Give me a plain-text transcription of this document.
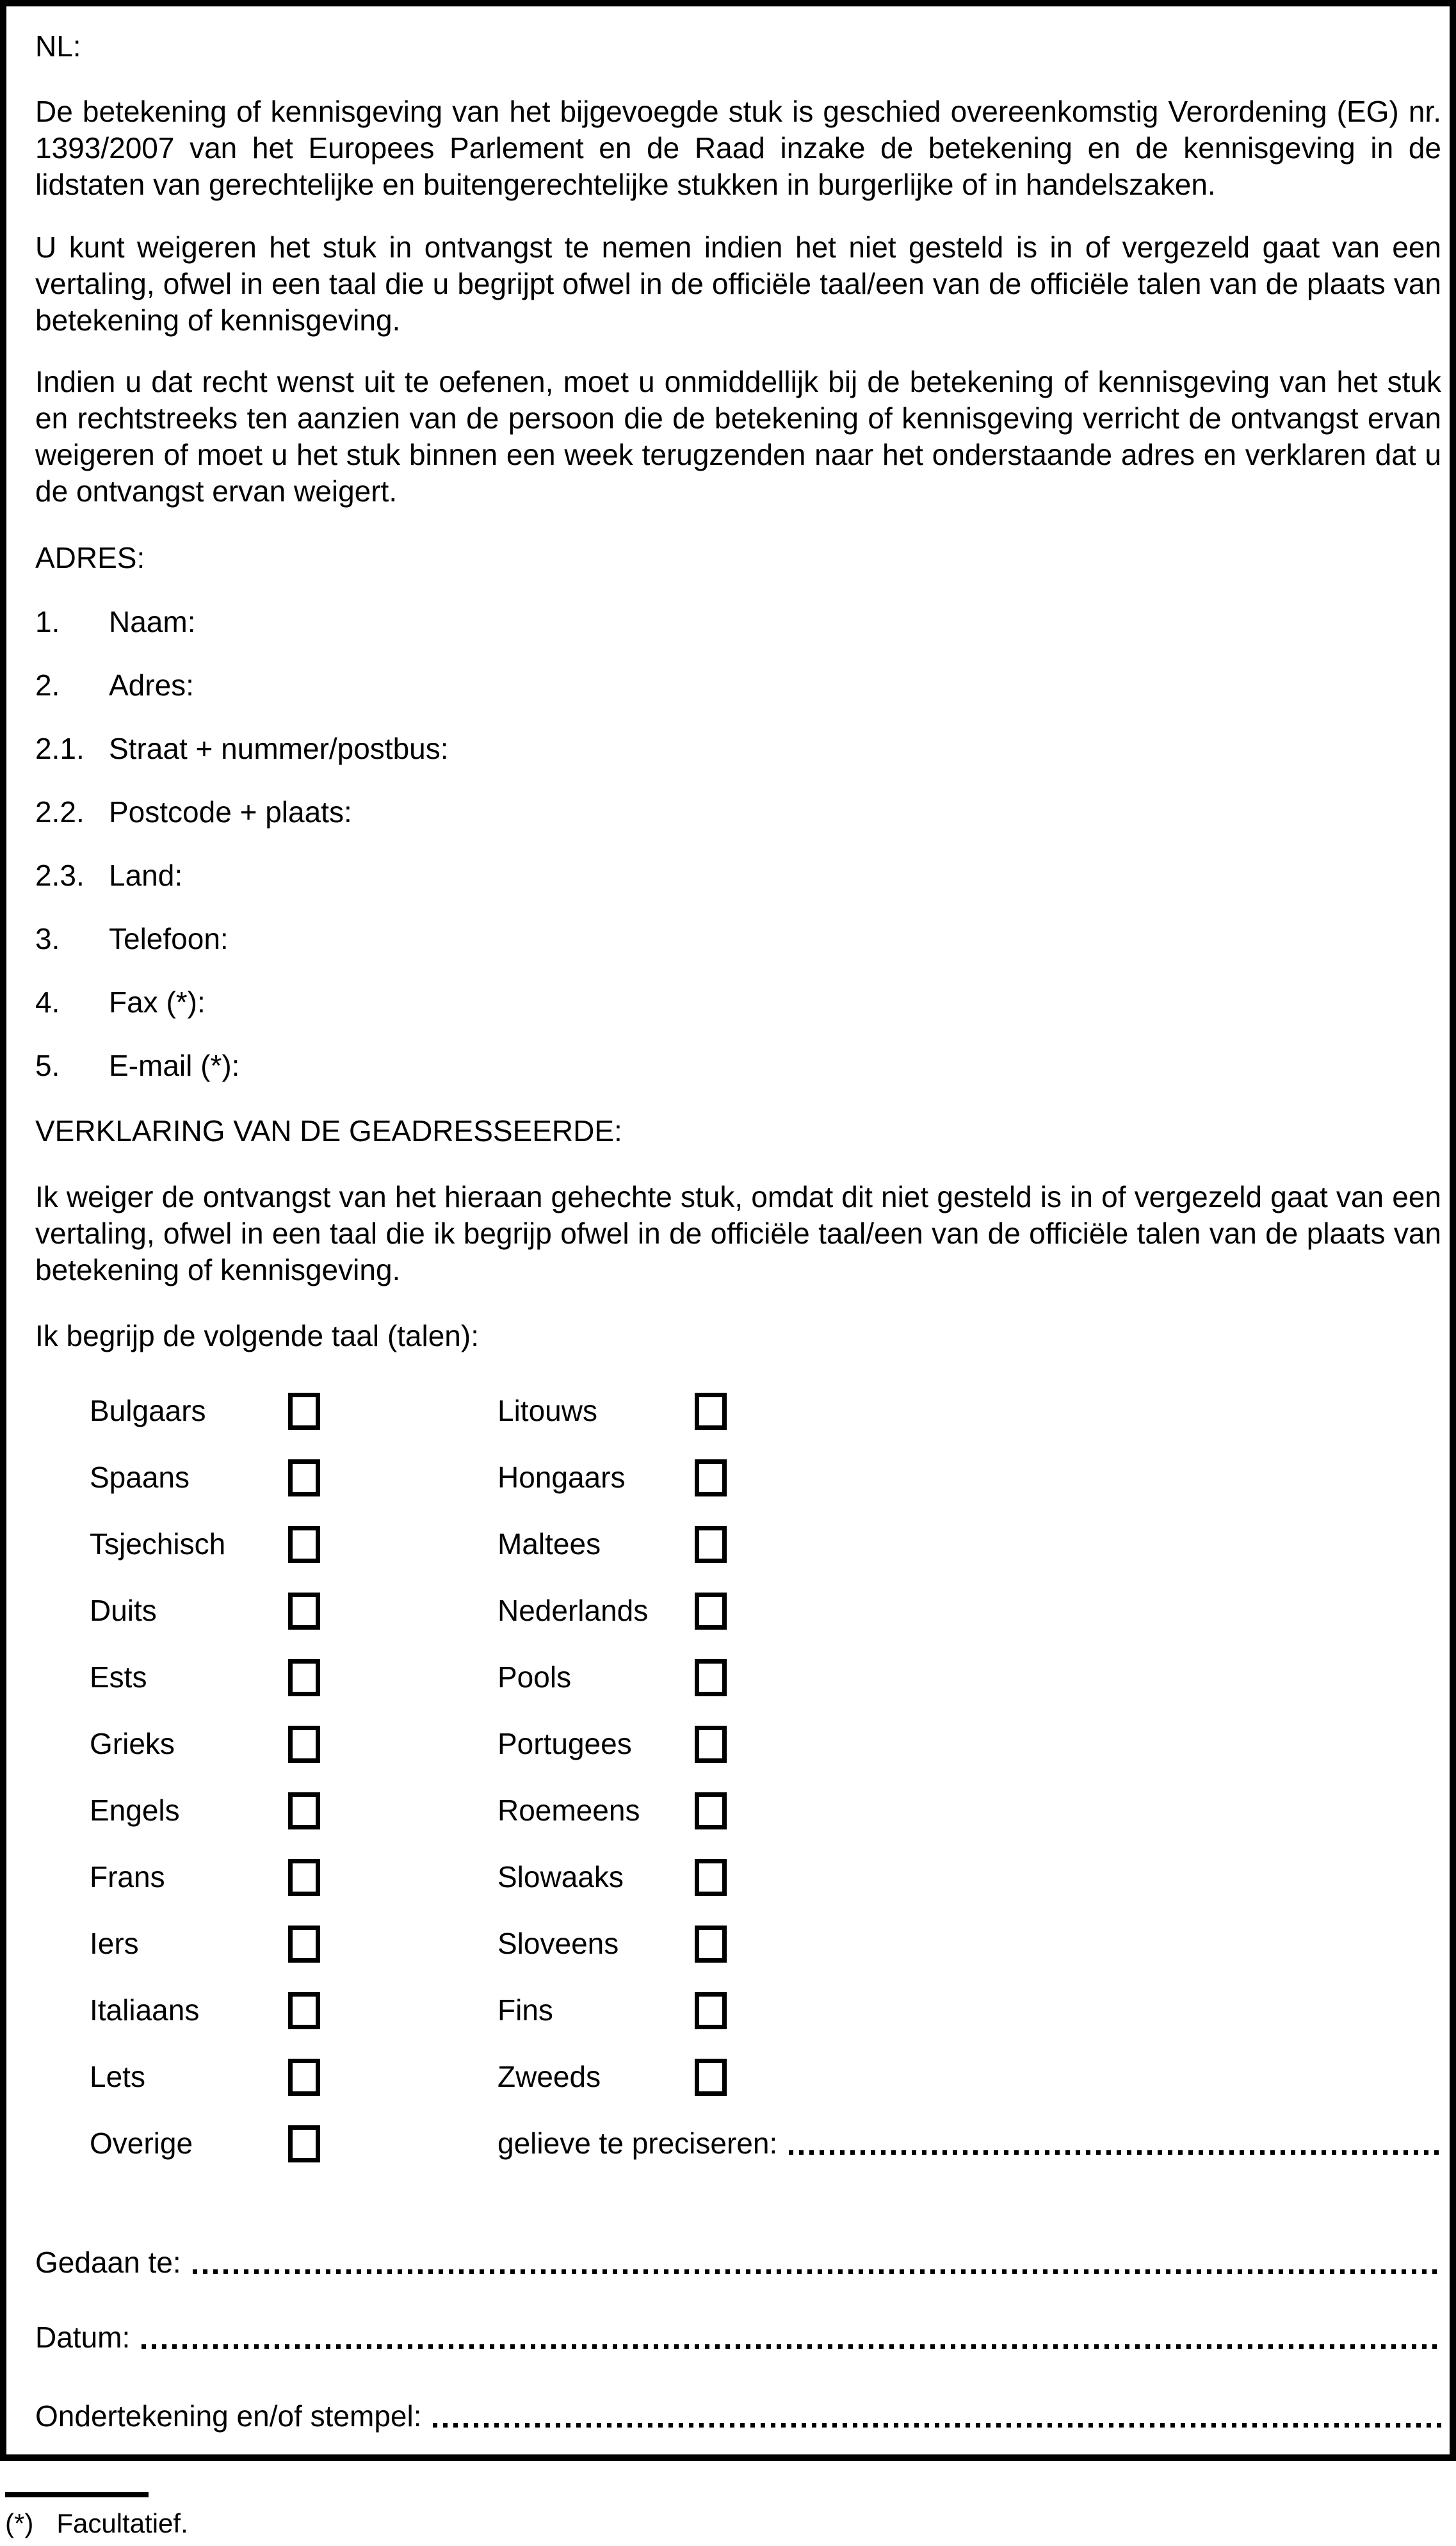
NL:
De betekening of kennisgeving van het bijgevoegde stuk is geschied overeenkomstig Verordening (EG) nr. 1393/2007 van het Europees Parlement en de Raad inzake de betekening en de kennisgeving in de lidstaten van gerechtelijke en buitengerechtelijke stukken in burgerlijke of in handelszaken.
U kunt weigeren het stuk in ontvangst te nemen indien het niet gesteld is in of vergezeld gaat van een vertaling, ofwel in een taal die u begrijpt ofwel in de officiële taal/een van de officiële talen van de plaats van betekening of kennisgeving.
Indien u dat recht wenst uit te oefenen, moet u onmiddellijk bij de betekening of kennisgeving van het stuk en rechtstreeks ten aanzien van de persoon die de betekening of kennisgeving verricht de ontvangst ervan weigeren of moet u het stuk binnen een week terugzenden naar het onderstaande adres en verklaren dat u de ontvangst ervan weigert.
ADRES:
1. Naam:
2. Adres:
2.1. Straat + nummer/postbus:
2.2. Postcode + plaats:
2.3. Land:
3. Telefoon:
4. Fax (*):
5. E-mail (*):
VERKLARING VAN DE GEADRESSEERDE:
Ik weiger de ontvangst van het hieraan gehechte stuk, omdat dit niet gesteld is in of vergezeld gaat van een vertaling, ofwel in een taal die ik begrijp ofwel in de officiële taal/een van de officiële talen van de plaats van betekening of kennisgeving.
Ik begrijp de volgende taal (talen):
Bulgaars	Litouws
Spaans	Hongaars
Tsjechisch	Maltees
Duits	Nederlands
Ests	Pools
Grieks	Portugees
Engels	Roemeens
Frans	Slowaaks
Iers	Sloveens
Italiaans	Fins
Lets	Zweeds
Overige	gelieve te preciseren:
Gedaan te:
Datum:
Ondertekening en/of stempel:
(*) Facultatief.
